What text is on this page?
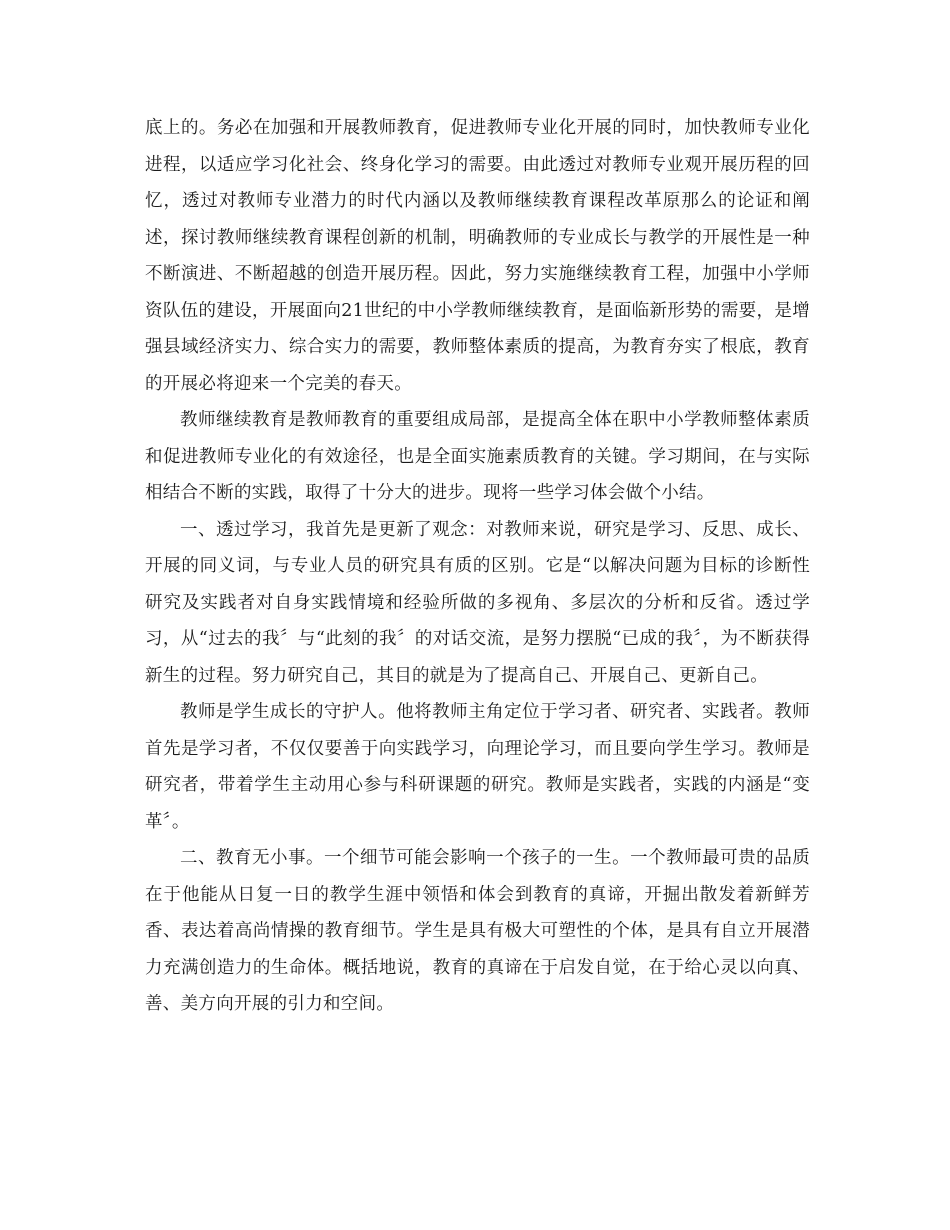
底上的。务必在加强和开展教师教育，促进教师专业化开展的同时，加快教师专业化进程，以适应学习化社会、终身化学习的需要。由此透过对教师专业观开展历程的回忆，透过对教师专业潜力的时代内涵以及教师继续教育课程改革原那么的论证和阐述，探讨教师继续教育课程创新的机制，明确教师的专业成长与教学的开展性是一种不断演进、不断超越的创造开展历程。因此，努力实施继续教育工程，加强中小学师资队伍的建设，开展面向21世纪的中小学教师继续教育，是面临新形势的需要，是增强县域经济实力、综合实力的需要，教师整体素质的提高，为教育夯实了根底，教育的开展必将迎来一个完美的春天。

教师继续教育是教师教育的重要组成局部，是提高全体在职中小学教师整体素质和促进教师专业化的有效途径，也是全面实施素质教育的关键。学习期间，在与实际相结合不断的实践，取得了十分大的进步。现将一些学习体会做个小结。

一、透过学习，我首先是更新了观念：对教师来说，研究是学习、反思、成长、开展的同义词，与专业人员的研究具有质的区别。它是“以解决问题为目标的诊断性研究及实践者对自身实践情境和经验所做的多视角、多层次的分析和反省。透过学习，从“过去的我〞与“此刻的我〞的对话交流，是努力摆脱“已成的我〞，为不断获得新生的过程。努力研究自己，其目的就是为了提高自己、开展自己、更新自己。

教师是学生成长的守护人。他将教师主角定位于学习者、研究者、实践者。教师首先是学习者，不仅仅要善于向实践学习，向理论学习，而且要向学生学习。教师是研究者，带着学生主动用心参与科研课题的研究。教师是实践者，实践的内涵是“变革〞。

二、教育无小事。一个细节可能会影响一个孩子的一生。一个教师最可贵的品质在于他能从日复一日的教学生涯中领悟和体会到教育的真谛，开掘出散发着新鲜芳香、表达着高尚情操的教育细节。学生是具有极大可塑性的个体，是具有自立开展潜力充满创造力的生命体。概括地说，教育的真谛在于启发自觉，在于给心灵以向真、善、美方向开展的引力和空间。
